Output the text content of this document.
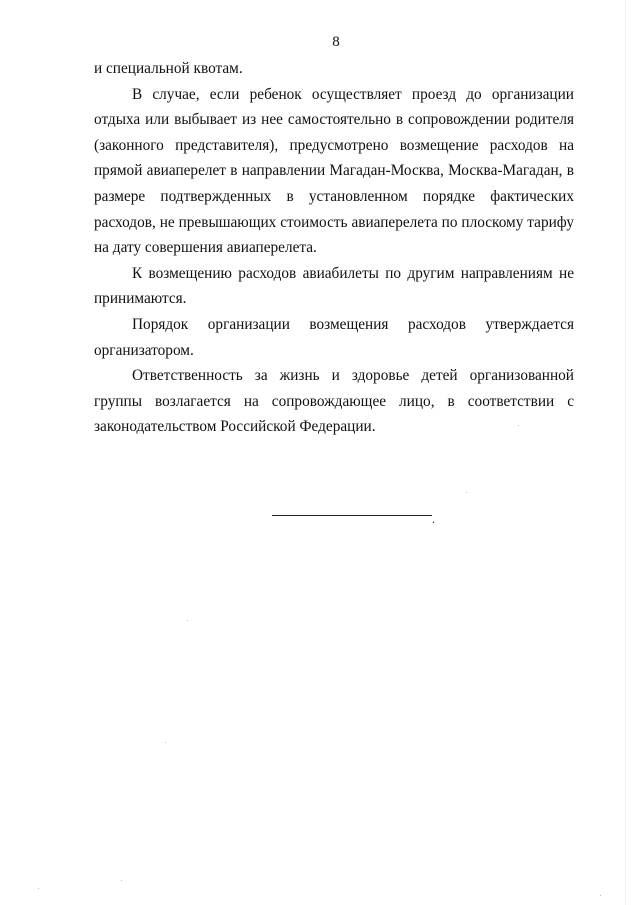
8

и специальной квотам.

В случае, если ребенок осуществляет проезд до организации отдыха или выбывает из нее самостоятельно в сопровождении родителя (законного представителя), предусмотрено возмещение расходов на прямой авиаперелет в направлении Магадан-Москва, Москва-Магадан, в размере подтвержденных в установленном порядке фактических расходов, не превышающих стоимость авиаперелета по плоскому тарифу на дату совершения авиаперелета.

К возмещению расходов авиабилеты по другим направлениям не принимаются.

Порядок организации возмещения расходов утверждается организатором.

Ответственность за жизнь и здоровье детей организованной группы возлагается на сопровождающее лицо, в соответствии с законодательством Российской Федерации.

.
